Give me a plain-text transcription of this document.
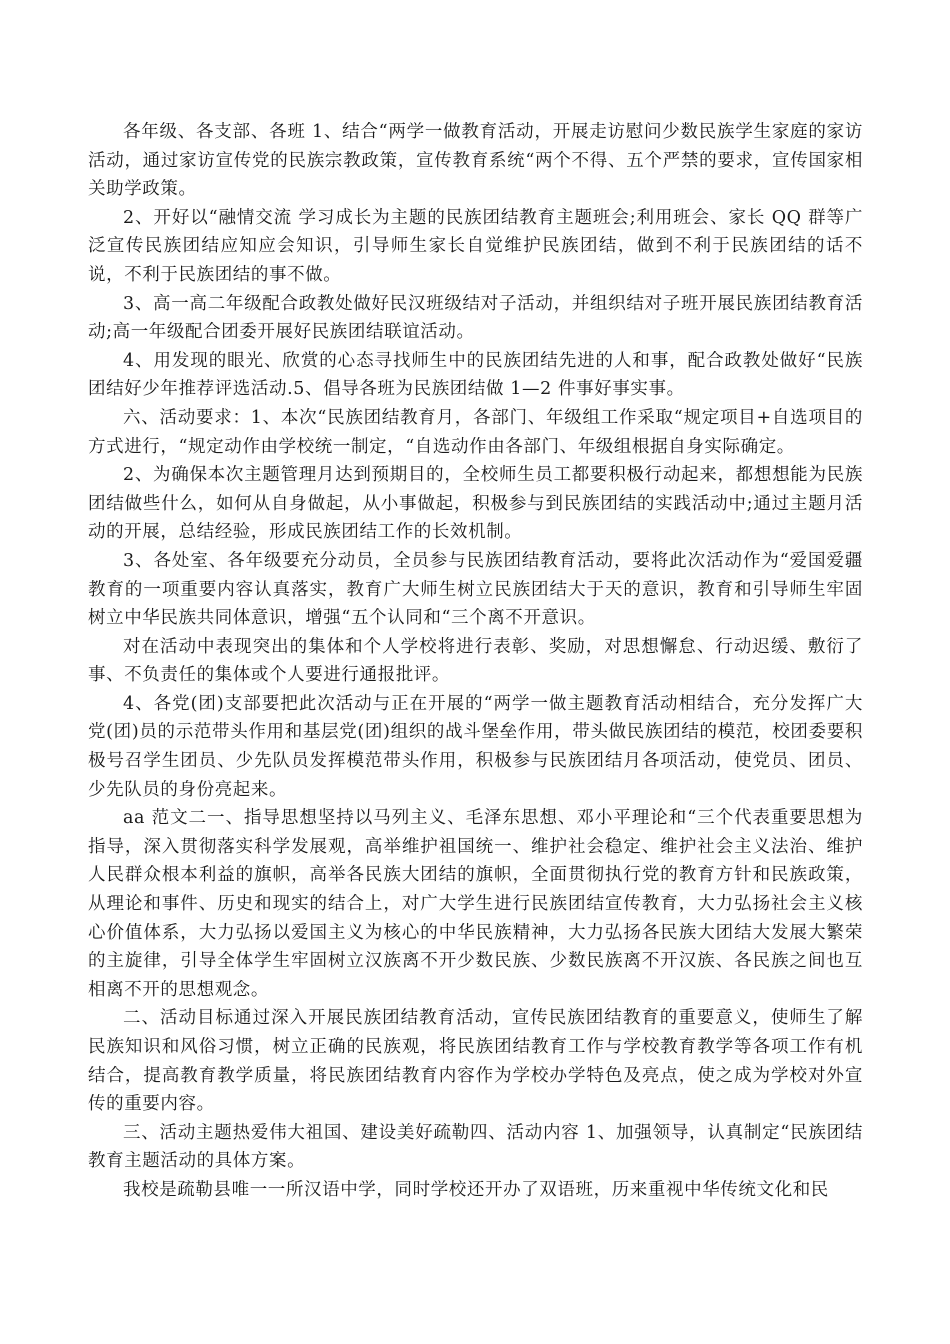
各年级、各支部、各班 1、结合“两学一做教育活动，开展走访慰问少数民族学生家庭的家访活动，通过家访宣传党的民族宗教政策，宣传教育系统“两个不得、五个严禁的要求，宣传国家相关助学政策。

2、开好以“融情交流 学习成长为主题的民族团结教育主题班会;利用班会、家长 QQ 群等广泛宣传民族团结应知应会知识，引导师生家长自觉维护民族团结，做到不利于民族团结的话不说，不利于民族团结的事不做。

3、高一高二年级配合政教处做好民汉班级结对子活动，并组织结对子班开展民族团结教育活动;高一年级配合团委开展好民族团结联谊活动。

4、用发现的眼光、欣赏的心态寻找师生中的民族团结先进的人和事，配合政教处做好“民族团结好少年推荐评选活动.5、倡导各班为民族团结做 1—2 件事好事实事。

六、活动要求：1、本次“民族团结教育月，各部门、年级组工作采取“规定项目+自选项目的方式进行，“规定动作由学校统一制定，“自选动作由各部门、年级组根据自身实际确定。

2、为确保本次主题管理月达到预期目的，全校师生员工都要积极行动起来，都想想能为民族团结做些什么，如何从自身做起，从小事做起，积极参与到民族团结的实践活动中;通过主题月活动的开展，总结经验，形成民族团结工作的长效机制。

3、各处室、各年级要充分动员，全员参与民族团结教育活动，要将此次活动作为“爱国爱疆教育的一项重要内容认真落实，教育广大师生树立民族团结大于天的意识，教育和引导师生牢固树立中华民族共同体意识，增强“五个认同和“三个离不开意识。

对在活动中表现突出的集体和个人学校将进行表彰、奖励，对思想懈怠、行动迟缓、敷衍了事、不负责任的集体或个人要进行通报批评。

4、各党(团)支部要把此次活动与正在开展的“两学一做主题教育活动相结合，充分发挥广大党(团)员的示范带头作用和基层党(团)组织的战斗堡垒作用，带头做民族团结的模范，校团委要积极号召学生团员、少先队员发挥模范带头作用，积极参与民族团结月各项活动，使党员、团员、少先队员的身份亮起来。

aa 范文二一、指导思想坚持以马列主义、毛泽东思想、邓小平理论和“三个代表重要思想为指导，深入贯彻落实科学发展观，高举维护祖国统一、维护社会稳定、维护社会主义法治、维护人民群众根本利益的旗帜，高举各民族大团结的旗帜，全面贯彻执行党的教育方针和民族政策，从理论和事件、历史和现实的结合上，对广大学生进行民族团结宣传教育，大力弘扬社会主义核心价值体系，大力弘扬以爱国主义为核心的中华民族精神，大力弘扬各民族大团结大发展大繁荣的主旋律，引导全体学生牢固树立汉族离不开少数民族、少数民族离不开汉族、各民族之间也互相离不开的思想观念。

二、活动目标通过深入开展民族团结教育活动，宣传民族团结教育的重要意义，使师生了解民族知识和风俗习惯，树立正确的民族观，将民族团结教育工作与学校教育教学等各项工作有机结合，提高教育教学质量，将民族团结教育内容作为学校办学特色及亮点，使之成为学校对外宣传的重要内容。

三、活动主题热爱伟大祖国、建设美好疏勒四、活动内容 1、加强领导，认真制定“民族团结教育主题活动的具体方案。

我校是疏勒县唯一一所汉语中学，同时学校还开办了双语班，历来重视中华传统文化和民
